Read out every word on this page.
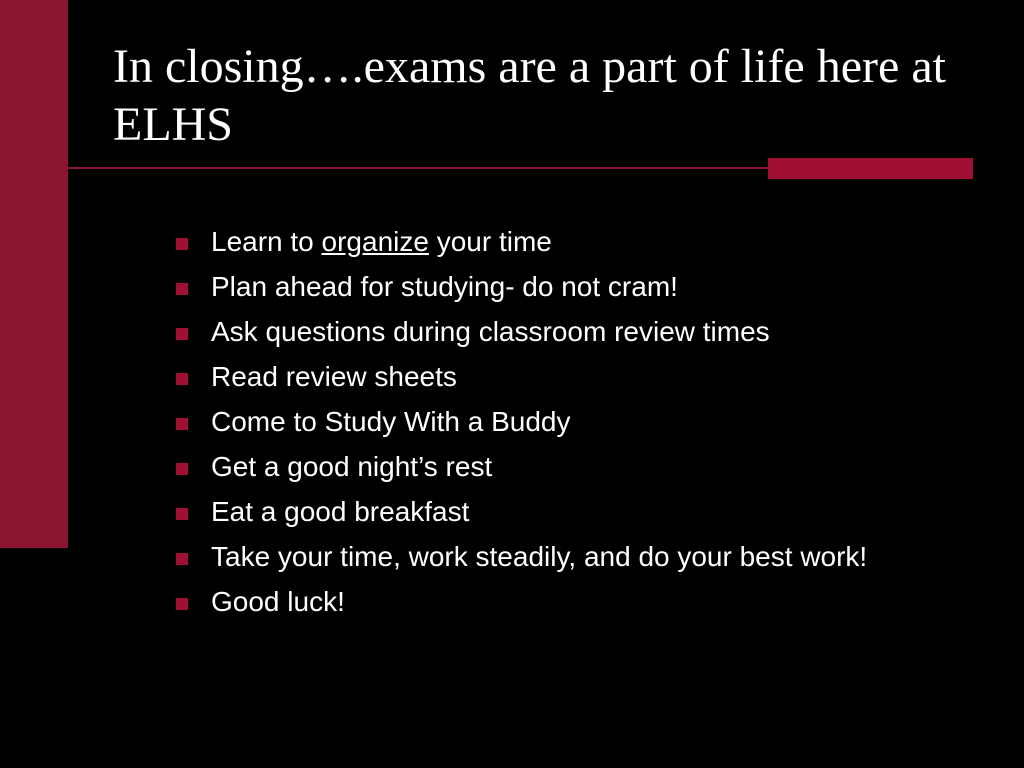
In closing….exams are a part of life here at ELHS
Learn to organize your time
Plan ahead for studying- do not cram!
Ask questions during classroom review times
Read review sheets
Come to Study With a Buddy
Get a good night’s rest
Eat a good breakfast
Take your time, work steadily, and do your best work!
Good luck!
